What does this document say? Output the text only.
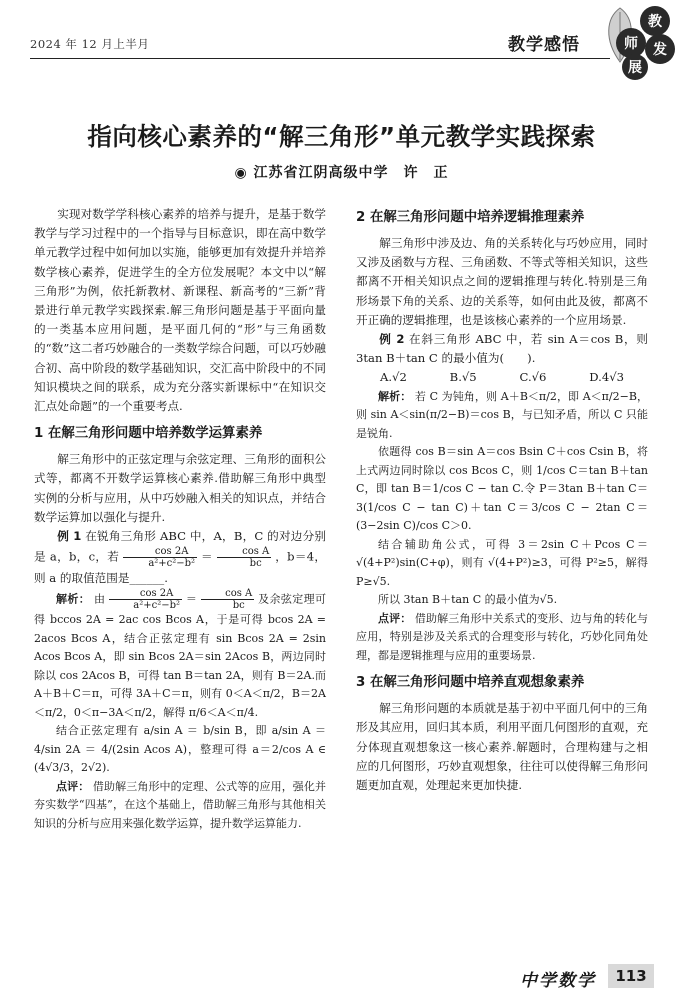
2024 年 12 月上半月	教学感悟
教
师	发
展
指向核心素养的“解三角形”单元教学实践探索
◉ 江苏省江阴高级中学　许　正

实现对数学学科核心素养的培养与提升，是基于数学教学与学习过程中的一个指导与目标意识，即在高中数学单元教学过程中如何加以实施，能够更加有效提升并培养数学核心素养，促进学生的全方位发展呢？本文中以“解三角形”为例，依托新教材、新课程、新高考的“三新”背景进行单元教学实践探索.解三角形问题是基于平面向量的一类基本应用问题，是平面几何的“形”与三角函数的“数”这二者巧妙融合的一类数学综合问题，可以巧妙融合初、高中阶段的数学基础知识，交汇高中阶段中的不同知识模块之间的联系，成为充分落实新课标中“在知识交汇点处命题”的一个重要考点.

1 在解三角形问题中培养数学运算素养

解三角形中的正弦定理与余弦定理、三角形的面积公式等，都离不开数学运算核心素养.借助解三角形中典型实例的分析与应用，从中巧妙融入相关的知识点，并结合数学运算加以强化与提升.

例 1 在锐角三角形 ABC 中，A，B，C 的对边分别是 a，b，c，若 $\frac{\cos 2A}{\text{a²+c²−b²}} = \frac{\text{cos A}}{bc}$ ，b＝4，则 a 的取值范围是______.

解析： 由 $\frac{\cos 2A}{\text{a²+c²−b²}} = \frac{\text{cos A}}{bc}$ 及余弦定理可得 bccos 2A = 2ac cos Bcos A，于是可得 bcos 2A = 2acos Bcos A，结合正弦定理有 sin Bcos 2A = 2sin Acos Bcos A，即 sin Bcos 2A＝sin 2Acos B，两边同时除以 cos 2Acos B，可得 tan B＝tan 2A，则有 B＝2A.而 A＋B＋C＝π，可得 3A＋C＝π，则有 0＜A＜π/2，B＝2A＜π/2，0＜π−3A＜π/2，解得 π/6＜A＜π/4.

结合正弦定理有 a/sin A ＝ b/sin B，即 a/sin A ＝ 4/sin 2A ＝ 4/(2sin Acos A)，整理可得 a＝2/cos A ∈ (4√3/3，2√2).

点评： 借助解三角形中的定理、公式等的应用，强化并夯实数学“四基”，在这个基础上，借助解三角形与其他相关知识的分析与应用来强化数学运算，提升数学运算能力.

2 在解三角形问题中培养逻辑推理素养

解三角形中涉及边、角的关系转化与巧妙应用，同时又涉及函数与方程、三角函数、不等式等相关知识，这些都离不开相关知识点之间的逻辑推理与转化.特别是三角形场景下角的关系、边的关系等，如何由此及彼，都离不开正确的逻辑推理，也是该核心素养的一个应用场景.

例 2 在斜三角形 ABC 中，若 sin A＝cos B，则 3tan B＋tan C 的最小值为(　　).

A.√2	B.√5	C.√6	D.4√3

解析： 若 C 为钝角，则 A＋B＜π/2，即 A＜π/2−B，则 sin A＜sin(π/2−B)＝cos B，与已知矛盾，所以 C 只能是锐角.

依题得 cos B＝sin A＝cos Bsin C＋cos Csin B，将上式两边同时除以 cos Bcos C，则 1/cos C＝tan B＋tan C，即 tan B＝1/cos C − tan C.令 P＝3tan B＋tan C＝3(1/cos C − tan C)＋tan C＝3/cos C − 2tan C＝(3−2sin C)/cos C＞0.

结合辅助角公式，可得 3＝2sin C＋Pcos C＝√(4+P²)sin(C+φ)，则有 √(4+P²)≥3，可得 P²≥5，解得 P≥√5.

所以 3tan B＋tan C 的最小值为√5.

点评： 借助解三角形中关系式的变形、边与角的转化与应用，特别是涉及关系式的合理变形与转化，巧妙化同角处理，都是逻辑推理与应用的重要场景.

3 在解三角形问题中培养直观想象素养

解三角形问题的本质就是基于初中平面几何中的三角形及其应用，回归其本质，利用平面几何图形的直观，充分体现直观想象这一核心素养.解题时，合理构建与之相应的几何图形，巧妙直观想象，往往可以使得解三角形问题更加直观，处理起来更加快捷.

中学数学	113
